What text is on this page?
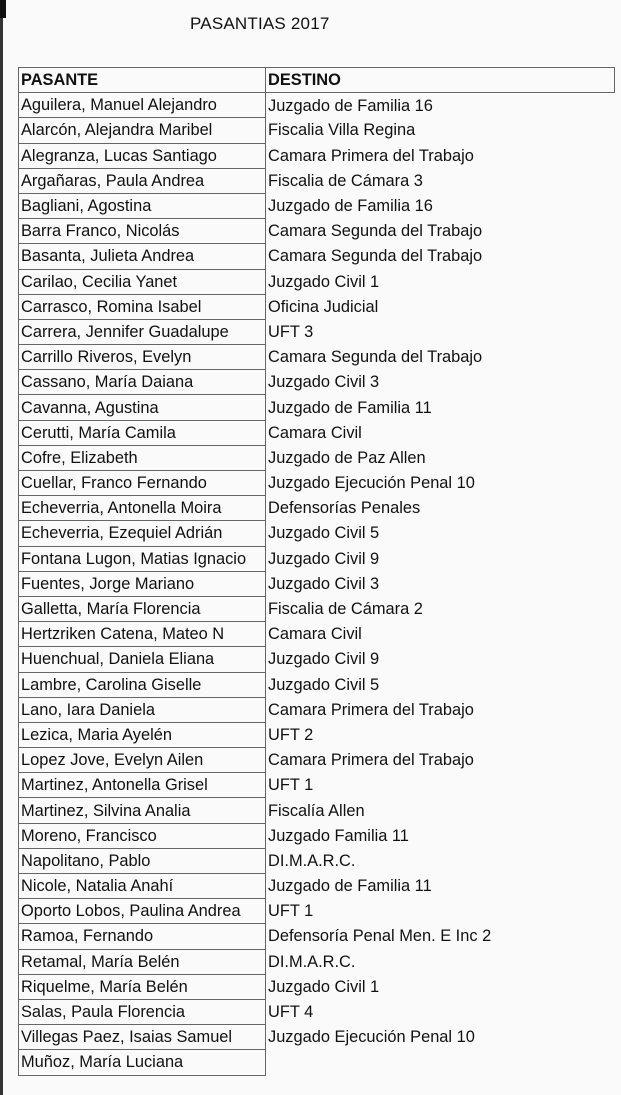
PASANTIAS 2017
PASANTE	DESTINO
Aguilera, Manuel Alejandro	Juzgado de Familia 16
Alarcón, Alejandra Maribel	Fiscalia Villa Regina
Alegranza, Lucas Santiago	Camara Primera del Trabajo
Argañaras, Paula Andrea	Fiscalia de Cámara 3
Bagliani, Agostina	Juzgado de Familia 16
Barra Franco, Nicolás	Camara Segunda del Trabajo
Basanta, Julieta Andrea	Camara Segunda del Trabajo
Carilao, Cecilia Yanet	Juzgado Civil 1
Carrasco, Romina Isabel	Oficina Judicial
Carrera, Jennifer Guadalupe	UFT 3
Carrillo Riveros, Evelyn	Camara Segunda del Trabajo
Cassano, María Daiana	Juzgado Civil 3
Cavanna, Agustina	Juzgado de Familia 11
Cerutti, María Camila	Camara Civil
Cofre, Elizabeth	Juzgado de Paz Allen
Cuellar, Franco Fernando	Juzgado Ejecución Penal 10
Echeverria, Antonella Moira	Defensorías Penales
Echeverria, Ezequiel Adrián	Juzgado Civil 5
Fontana Lugon, Matias Ignacio	Juzgado Civil 9
Fuentes, Jorge Mariano	Juzgado Civil 3
Galletta, María Florencia	Fiscalia de Cámara 2
Hertzriken Catena, Mateo N	Camara Civil
Huenchual, Daniela Eliana	Juzgado Civil 9
Lambre, Carolina Giselle	Juzgado Civil 5
Lano, Iara Daniela	Camara Primera del Trabajo
Lezica, Maria Ayelén	UFT 2
Lopez Jove, Evelyn Ailen	Camara Primera del Trabajo
Martinez, Antonella Grisel	UFT 1
Martinez, Silvina Analia	Fiscalía Allen
Moreno, Francisco	Juzgado Familia 11
Napolitano, Pablo	DI.M.A.R.C.
Nicole, Natalia Anahí	Juzgado de Familia 11
Oporto Lobos, Paulina Andrea	UFT 1
Ramoa, Fernando	Defensoría Penal Men. E Inc 2
Retamal, María Belén	DI.M.A.R.C.
Riquelme, María Belén	Juzgado Civil 1
Salas, Paula Florencia	UFT 4
Villegas Paez, Isaias Samuel	Juzgado Ejecución Penal 10
Muñoz, María Luciana	
